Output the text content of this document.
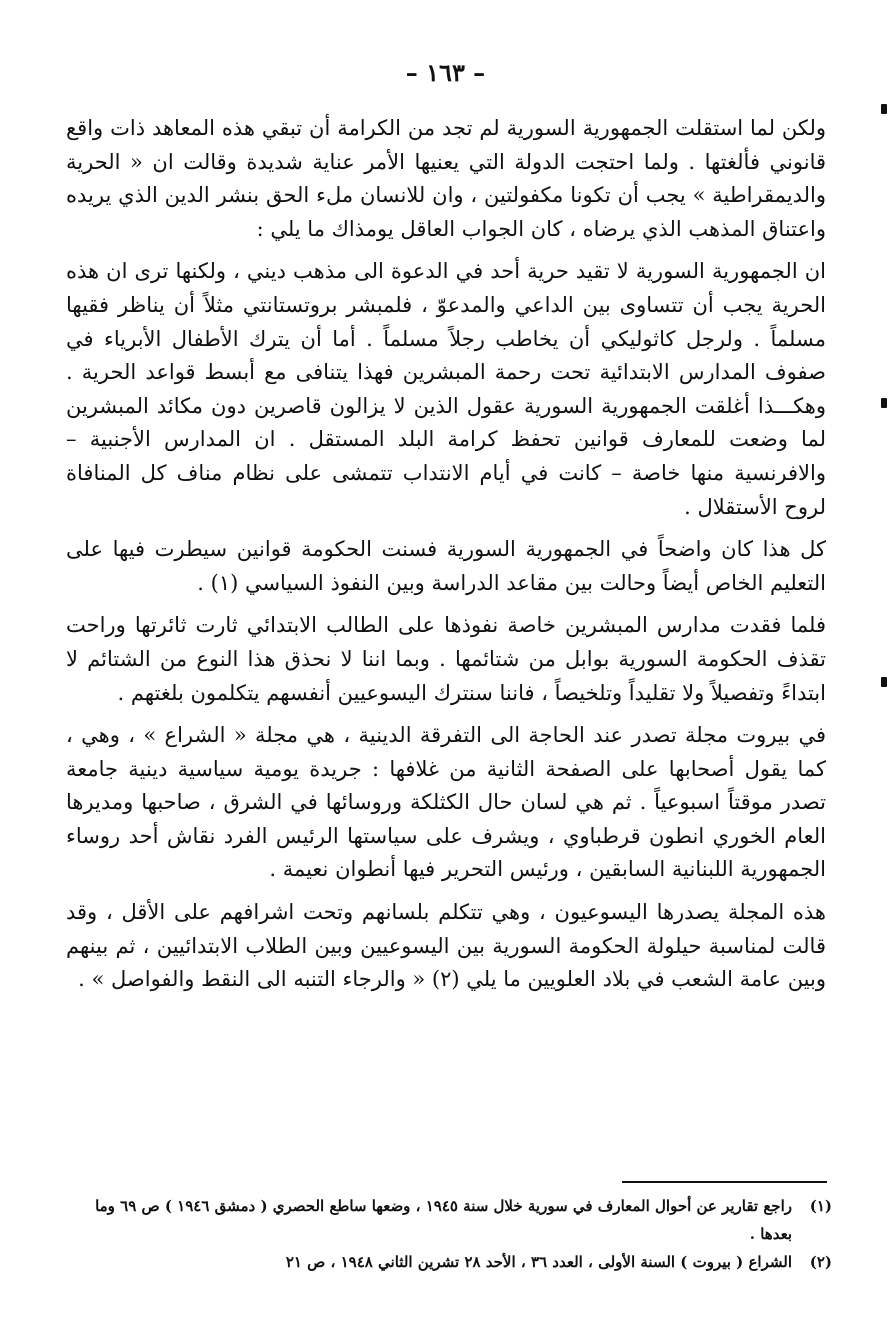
– ١٦٣ –

ولكن لما استقلت الجمهورية السورية لم تجد من الكرامة أن تبقي هذه المعاهد ذات واقع قانوني فألغتها . ولما احتجت الدولة التي يعنيها الأمر عناية شديدة وقالت ان « الحرية والديمقراطية » يجب أن تكونا مكفولتين ، وان للانسان ملء الحق بنشر الدين الذي يريده واعتناق المذهب الذي يرضاه ، كان الجواب العاقل يومذاك ما يلي :

ان الجمهورية السورية لا تقيد حرية أحد في الدعوة الى مذهب ديني ، ولكنها ترى ان هذه الحرية يجب أن تتساوى بين الداعي والمدعوّ ، فلمبشر بروتستانتي مثلاً أن يناظر فقيها مسلماً . ولرجل كاثوليكي أن يخاطب رجلاً مسلماً . أما أن يترك الأطفال الأبرياء في صفوف المدارس الابتدائية تحت رحمة المبشرين فهذا يتنافى مع أبسط قواعد الحرية . وهكـــذا أغلقت الجمهورية السورية عقول الذين لا يزالون قاصرين دون مكائد المبشرين لما وضعت للمعارف قوانين تحفظ كرامة البلد المستقل . ان المدارس الأجنبية – والافرنسية منها خاصة – كانت في أيام الانتداب تتمشى على نظام مناف كل المنافاة لروح الأستقلال .

كل هذا كان واضحاً في الجمهورية السورية فسنت الحكومة قوانين سيطرت فيها على التعليم الخاص أيضاً وحالت بين مقاعد الدراسة وبين النفوذ السياسي (١) .

فلما فقدت مدارس المبشرين خاصة نفوذها على الطالب الابتدائي ثارت ثائرتها وراحت تقذف الحكومة السورية بوابل من شتائمها . وبما اننا لا نحذق هذا النوع من الشتائم لا ابتداءً وتفصيلاً ولا تقليداً وتلخيصاً ، فاننا سنترك اليسوعيين أنفسهم يتكلمون بلغتهم .

في بيروت مجلة تصدر عند الحاجة الى التفرقة الدينية ، هي مجلة « الشراع » ، وهي ، كما يقول أصحابها على الصفحة الثانية من غلافها : جريدة يومية سياسية دينية جامعة تصدر موقتاً اسبوعياً . ثم هي لسان حال الكثلكة وروسائها في الشرق ، صاحبها ومديرها العام الخوري انطون قرطباوي ، ويشرف على سياستها الرئيس الفرد نقاش أحد روساء الجمهورية اللبنانية السابقين ، ورئيس التحرير فيها أنطوان نعيمة .

هذه المجلة يصدرها اليسوعيون ، وهي تتكلم بلسانهم وتحت اشرافهم على الأقل ، وقد قالت لمناسبة حيلولة الحكومة السورية بين اليسوعيين وبين الطلاب الابتدائيين ، ثم بينهم وبين عامة الشعب في بلاد العلويين ما يلي (٢) « والرجاء التنبه الى النقط والفواصل » .

(١)
راجع تقارير عن أحوال المعارف في سورية خلال سنة ١٩٤٥ ، وضعها ساطع الحصري ( دمشق ١٩٤٦ ) ص ٦٩ وما بعدها .
(٢)
الشراع ( بيروت ) السنة الأولى ، العدد ٣٦ ، الأحد ٢٨ تشرين الثاني ١٩٤٨ ، ص ٢١
